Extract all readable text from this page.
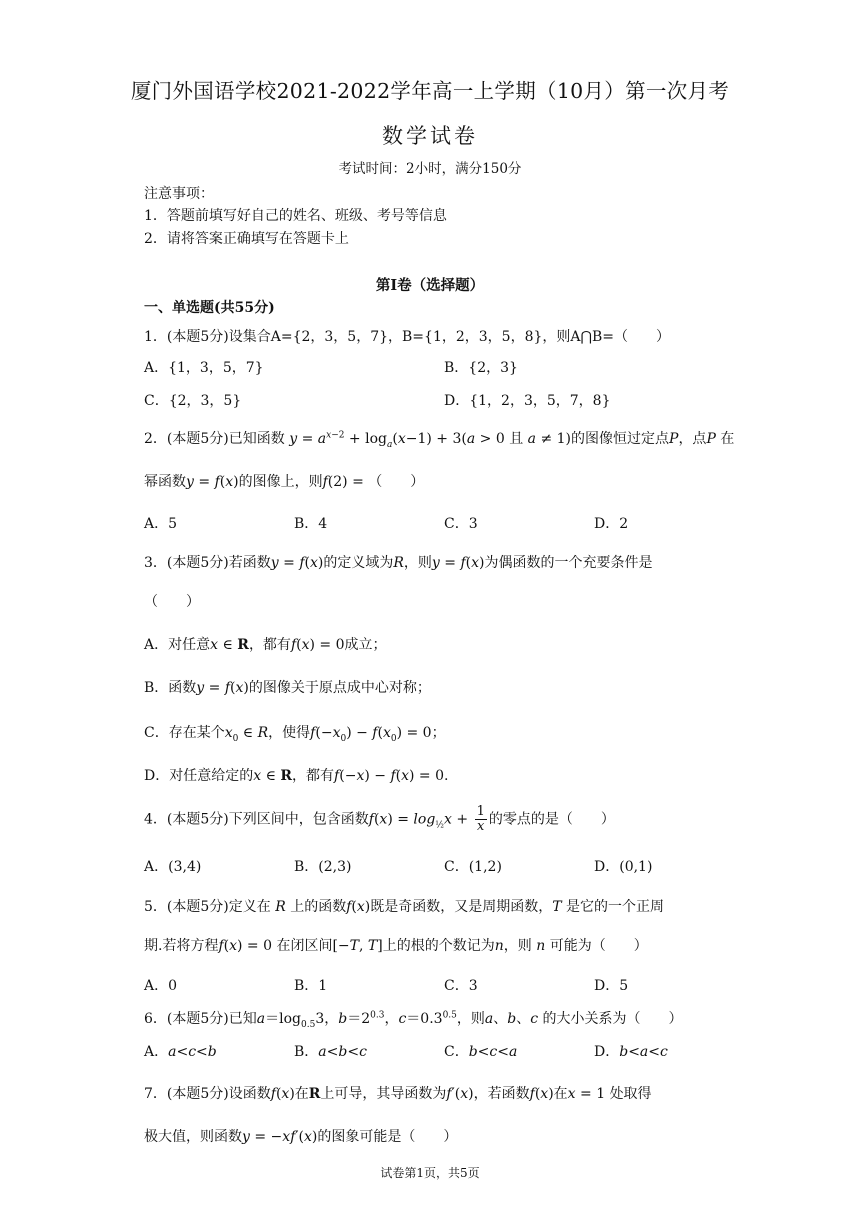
厦门外国语学校2021-2022学年高一上学期（10月）第一次月考
数学试卷
考试时间：2小时，满分150分
注意事项：
1．答题前填写好自己的姓名、班级、考号等信息
2．请将答案正确填写在答题卡上
第I卷（选择题）
一、单选题(共55分)
1．(本题5分)设集合A={2，3，5，7}，B={1，2，3，5，8}，则A⋂B=（　　）
A．{1，3，5，7}	B．{2，3}
C．{2，3，5}	D．{1，2，3，5，7，8}
2．(本题5分)已知函数 $y = a^{x-2} + \log_a(x-1) + 3(a > 0$ 且 a ≠ 1)的图像恒过定点P，点P 在
幂函数y = f(x)的图像上，则f(2) = （　　）
A．5	B．4	C．3	D．2
3．(本题5分)若函数y = f(x)的定义域为R，则y = f(x)为偶函数的一个充要条件是
（　　）
A．对任意x ∈ R，都有f(x) = 0成立；
B．函数y = f(x)的图像关于原点成中心对称；
C．存在某个$x_0$ ∈ R，使得$f(-x_0) - f(x_0) = 0$；
D．对任意给定的x ∈ R，都有f(−x) − f(x) = 0.
4．(本题5分)下列区间中，包含函数$f(x) = \log_{\frac{1}{2}}x + \frac{1}{x}$ 的零点的是（　　）
A．(3,4)	B．(2,3)	C．(1,2)	D．(0,1)
5．(本题5分)定义在 R 上的函数f(x)既是奇函数，又是周期函数，T 是它的一个正周
期.若将方程f(x) = 0 在闭区间[−T, T]上的根的个数记为n，则 n 可能为（　　）
A．0	B．1	C．3	D．5
6．(本题5分)已知$a=\log_{0.5}3$，$b=2^{0.3}$，$c=0.3^{0.5}$，则a、b、c 的大小关系为（　　）
A．a<c<b	B．a<b<c	C．b<c<a	D．b<a<c
7．(本题5分)设函数f(x)在R上可导，其导函数为f′(x)，若函数f(x)在x = 1 处取得
极大值，则函数y = −xf′(x)的图象可能是（　　）
试卷第1页，共5页
